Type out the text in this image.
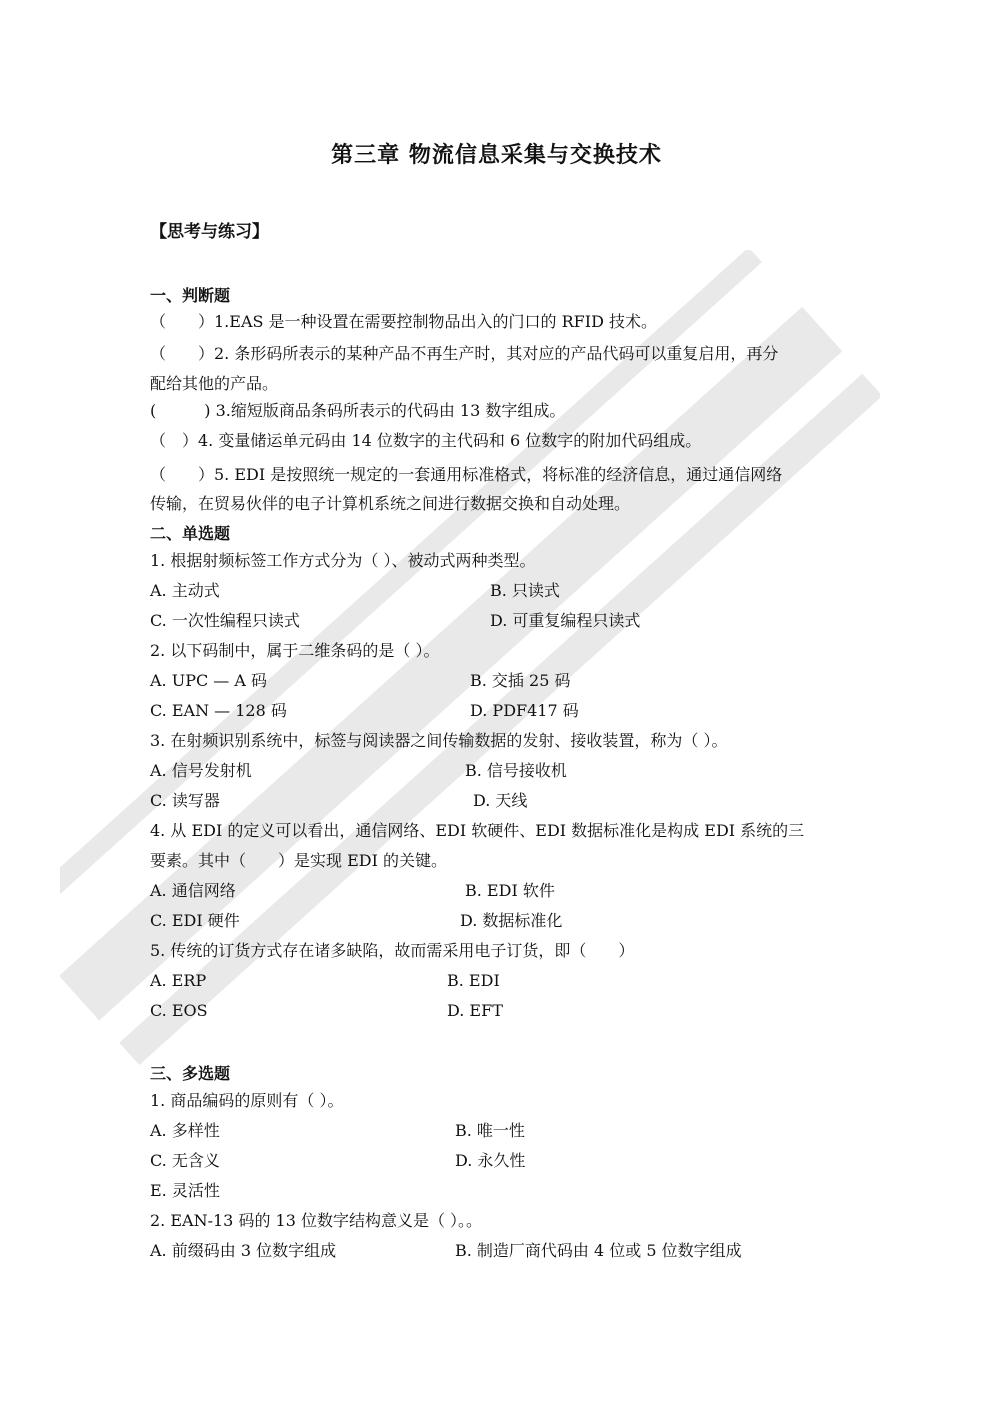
第三章 物流信息采集与交换技术
【思考与练习】
一、判断题
（　　）1.EAS 是一种设置在需要控制物品出入的门口的 RFID 技术。
（　　）2. 条形码所表示的某种产品不再生产时，其对应的产品代码可以重复启用，再分
配给其他的产品。
(　　　) 3.缩短版商品条码所表示的代码由 13 数字组成。
（　）4. 变量储运单元码由 14 位数字的主代码和 6 位数字的附加代码组成。
（　　）5. EDI 是按照统一规定的一套通用标准格式，将标准的经济信息，通过通信网络
传输，在贸易伙伴的电子计算机系统之间进行数据交换和自动处理。
二、单选题
1. 根据射频标签工作方式分为（ ）、被动式两种类型。
A. 主动式	B. 只读式
C. 一次性编程只读式	D. 可重复编程只读式
2. 以下码制中，属于二维条码的是（ ）。
A. UPC — A 码	B. 交插 25 码
C. EAN — 128 码	D. PDF417 码
3. 在射频识别系统中，标签与阅读器之间传输数据的发射、接收装置，称为（ ）。
A. 信号发射机	B. 信号接收机
C. 读写器	D. 天线
4. 从 EDI 的定义可以看出，通信网络、EDI 软硬件、EDI 数据标准化是构成 EDI 系统的三
要素。其中（　　）是实现 EDI 的关键。
A. 通信网络	B. EDI 软件
C. EDI 硬件	D. 数据标准化
5. 传统的订货方式存在诸多缺陷，故而需采用电子订货，即（　　）
A. ERP	B. EDI
C. EOS	D. EFT
三、多选题
1. 商品编码的原则有（ ）。
A. 多样性	B. 唯一性
C. 无含义	D. 永久性
E. 灵活性
2. EAN-13 码的 13 位数字结构意义是（ ）。。
A. 前缀码由 3 位数字组成	B. 制造厂商代码由 4 位或 5 位数字组成
